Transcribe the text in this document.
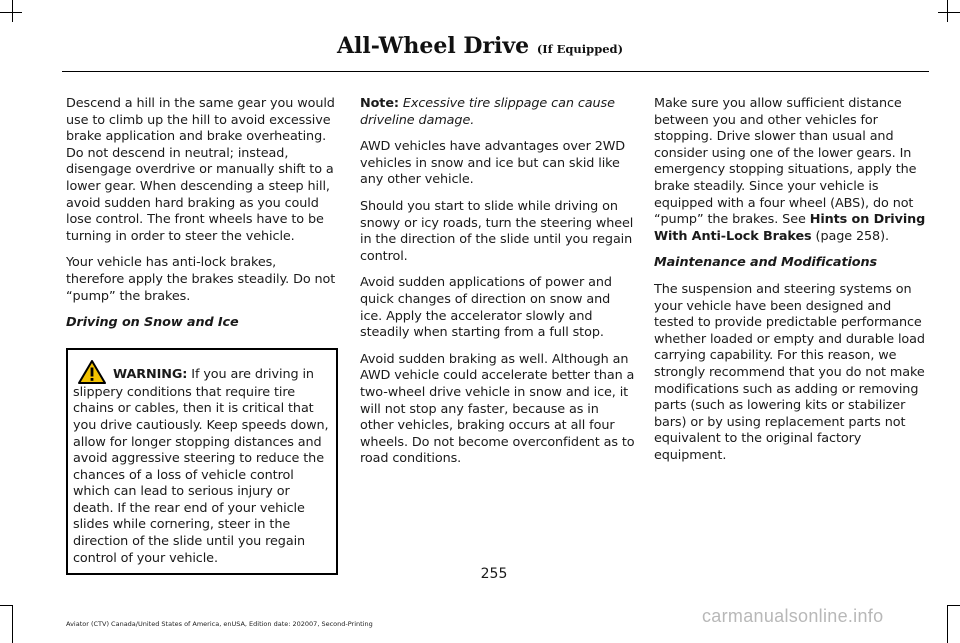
All-Wheel Drive (If Equipped)

Descend a hill in the same gear you would use to climb up the hill to avoid excessive brake application and brake overheating. Do not descend in neutral; instead, disengage overdrive or manually shift to a lower gear. When descending a steep hill, avoid sudden hard braking as you could lose control. The front wheels have to be turning in order to steer the vehicle.

Your vehicle has anti-lock brakes, therefore apply the brakes steadily. Do not “pump” the brakes.

Driving on Snow and Ice

WARNING: If you are driving in
slippery conditions that require tire chains or cables, then it is critical that you drive cautiously. Keep speeds down, allow for longer stopping distances and avoid aggressive steering to reduce the chances of a loss of vehicle control which can lead to serious injury or death. If the rear end of your vehicle slides while cornering, steer in the direction of the slide until you regain control of your vehicle.

Note: Excessive tire slippage can cause driveline damage.

AWD vehicles have advantages over 2WD vehicles in snow and ice but can skid like any other vehicle.

Should you start to slide while driving on snowy or icy roads, turn the steering wheel in the direction of the slide until you regain control.

Avoid sudden applications of power and quick changes of direction on snow and ice. Apply the accelerator slowly and steadily when starting from a full stop.

Avoid sudden braking as well. Although an AWD vehicle could accelerate better than a two-wheel drive vehicle in snow and ice, it will not stop any faster, because as in other vehicles, braking occurs at all four wheels. Do not become overconfident as to road conditions.

Make sure you allow sufficient distance between you and other vehicles for stopping. Drive slower than usual and consider using one of the lower gears. In emergency stopping situations, apply the brake steadily. Since your vehicle is equipped with a four wheel (ABS), do not “pump” the brakes. See Hints on Driving With Anti-Lock Brakes (page 258).

Maintenance and Modifications

The suspension and steering systems on your vehicle have been designed and tested to provide predictable performance whether loaded or empty and durable load carrying capability. For this reason, we strongly recommend that you do not make modifications such as adding or removing parts (such as lowering kits or stabilizer bars) or by using replacement parts not equivalent to the original factory equipment.

255
Aviator (CTV) Canada/United States of America, enUSA, Edition date: 202007, Second-Printing	carmanualsonline.info
